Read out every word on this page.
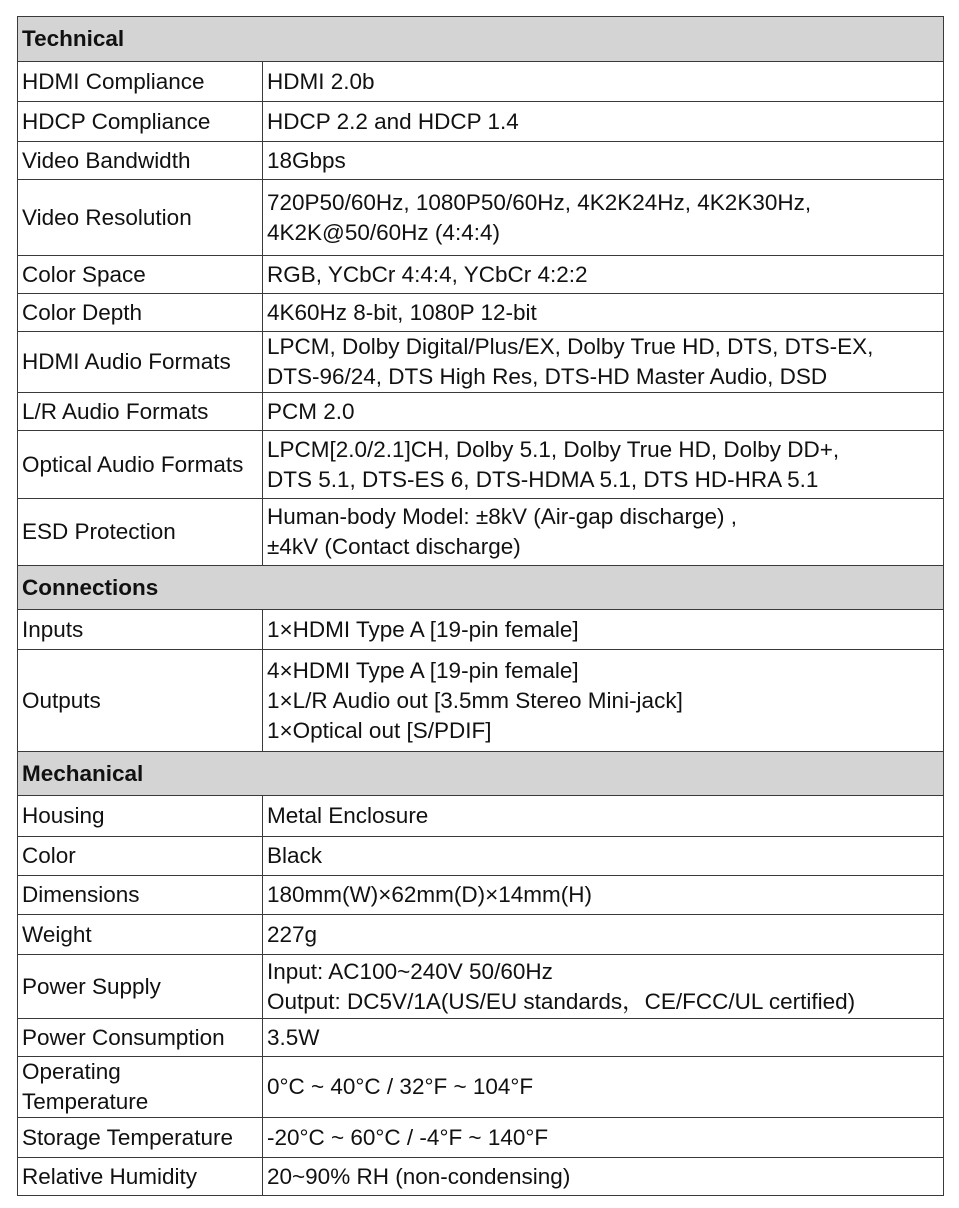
Technical	

HDMI Compliance	HDMI 2.0b

HDCP Compliance	HDCP 2.2 and HDCP 1.4

Video Bandwidth	18Gbps

Video Resolution	720P50/60Hz, 1080P50/60Hz, 4K2K24Hz, 4K2K30Hz,
4K2K@50/60Hz (4:4:4)

Color Space	RGB, YCbCr 4:4:4, YCbCr 4:2:2

Color Depth	4K60Hz 8-bit, 1080P 12-bit

HDMI Audio Formats	LPCM, Dolby Digital/Plus/EX, Dolby True HD, DTS, DTS-EX,
DTS-96/24, DTS High Res, DTS-HD Master Audio, DSD

L/R Audio Formats	PCM 2.0

Optical Audio Formats	LPCM[2.0/2.1]CH, Dolby 5.1, Dolby True HD, Dolby DD+,
DTS 5.1, DTS-ES 6, DTS-HDMA 5.1, DTS HD-HRA 5.1

ESD Protection	Human-body Model: ±8kV (Air-gap discharge) ,
±4kV (Contact discharge)

Connections	

Inputs	1×HDMI Type A [19-pin female]

Outputs	4×HDMI Type A [19-pin female]
1×L/R Audio out [3.5mm Stereo Mini-jack]
1×Optical out [S/PDIF]

Mechanical	

Housing	Metal Enclosure

Color	Black

Dimensions	180mm(W)×62mm(D)×14mm(H)

Weight	227g

Power Supply	Input: AC100~240V 50/60Hz
Output: DC5V/1A(US/EU standards，CE/FCC/UL certified)

Power Consumption	3.5W

Operating
Temperature	0°C ~ 40°C / 32°F ~ 104°F

Storage Temperature	-20°C ~ 60°C / -4°F ~ 140°F

Relative Humidity	20~90% RH (non-condensing)
